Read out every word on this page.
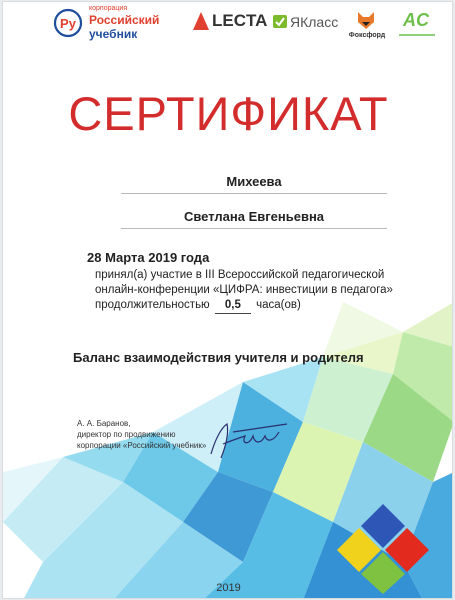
Ру
корпорация
Российский
учебник
LECTA ЯКласс
Фоксфорд
AC
СЕРТИФИКАТ
Михеева
Светлана Евгеньевна
28 Марта 2019 года
принял(а) участие в III Всероссийской педагогической
онлайн-конференции «ЦИФРА: инвестиции в педагога»
продолжительностью 0,5 часа(ов)
Баланс взаимодействия учителя и родителя
А. А. Баранов,
директор по продвижению
корпорации «Российский учебник»
2019
